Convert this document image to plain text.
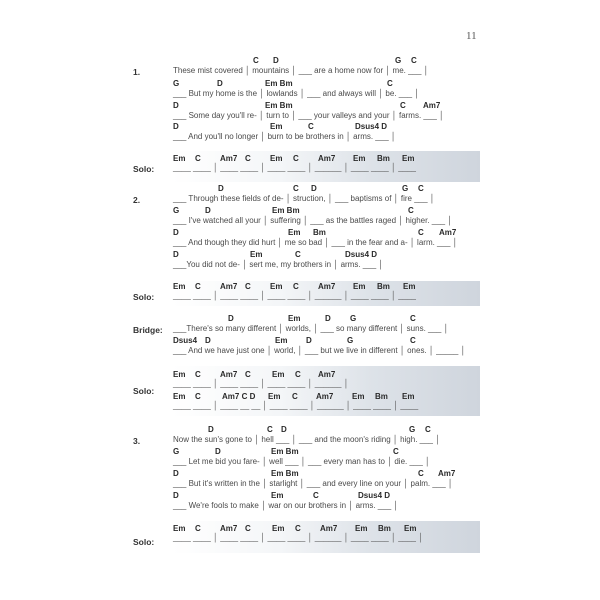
11
1.
C D	G C
These mist covered │ mountains │ ___ are a home now for │ me. ___ │
G	D	Em Bm	C
___ But my home is the │ lowlands │ ___ and always will │ be. ___ │
D	Em Bm	C Am7
___ Some day you'll re- │ turn to │ ___ your valleys and your │ farms. ___ │
D	Em	C	Dsus4 D
___ And you'll no longer │ burn to be brothers in │ arms. ___ │
Solo:
Em C Am7 C Em C Am7 Em Bm Em
____ ____ │ ____ ____ │ ____ ____ │ ______ │ ____ ____ │ ____
2.
D	C D	G C
___ Through these fields of de- │ struction, │ ___ baptisms of │ fire ___ │
G	D	Em Bm	C
___ I've watched all your │ suffering │ ___ as the battles raged │ higher. ___ │
D	Em Bm	C Am7
___ And though they did hurt │ me so bad │ ___ in the fear and a- │ larm. ___ │
D	Em	C	Dsus4 D
___You did not de- │ sert me, my brothers in │ arms. ___ │
Solo:
Em C Am7 C Em C Am7 Em Bm Em
____ ____ │ ____ ____ │ ____ ____ │ ______ │ ____ ____ │ ____
Bridge:
D	Em	D G	C
___There's so many different │ worlds, │ ___ so many different │ suns. ___ │
Dsus4 D	Em D	G	C
___ And we have just one │ world, │ ___ but we live in different │ ones. │ _____ │
Solo:
Em C Am7 C	Em C Am7
____ ____ │ ____ ____ │ ____ ____ │ ______ │
Em C	Am7 C D Em C Am7 Em Bm Em
____ ____ │ ____ __ __ │ ____ ____ │ ______ │ ____ ____ │ ____
3.
D	C D	G C
Now the sun's gone to │ hell ___ │ ___ and the moon's riding │ high. ___ │
G	D	Em Bm	C
___ Let me bid you fare- │ well ___ │ ___ every man has to │ die. ___ │
D	Em Bm	C Am7
___ But it's written in the │ starlight │ ___ and every line on your │ palm. ___ │
D	Em	C	Dsus4 D
___ We're fools to make │ war on our brothers in │ arms. ___ │
Solo:
Em C Am7 C	Em C Am7 Em Bm Em
____ ____ │ ____ ____ │ ____ ____ │ ______ │ ____ ____ │ ____ │
